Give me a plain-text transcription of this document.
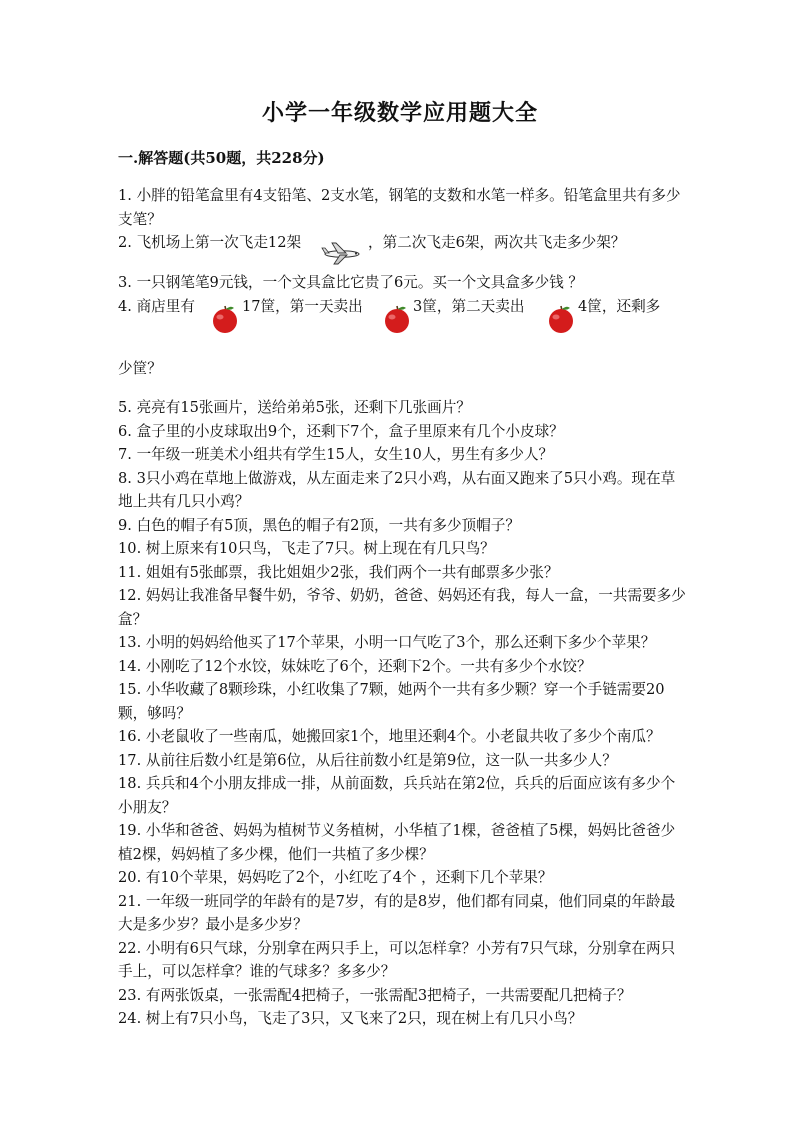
小学一年级数学应用题大全
一.解答题(共50题，共228分)

1. 小胖的铅笔盒里有4支铅笔、2支水笔，钢笔的支数和水笔一样多。铅笔盒里共有多少支笔？

2. 飞机场上第一次飞走12架	，第二次飞走6架，两次共飞走多少架？

3. 一只钢笔笔9元钱，一个文具盒比它贵了6元。买一个文具盒多少钱 ？

4. 商店里有	17筐，第一天卖出	3筐，第二天卖出	4筐，还剩多

少筐？

5. 亮亮有15张画片，送给弟弟5张，还剩下几张画片？

6. 盒子里的小皮球取出9个，还剩下7个，盒子里原来有几个小皮球？

7. 一年级一班美术小组共有学生15人，女生10人，男生有多少人？

8. 3只小鸡在草地上做游戏，从左面走来了2只小鸡，从右面又跑来了5只小鸡。现在草地上共有几只小鸡？

9. 白色的帽子有5顶，黑色的帽子有2顶，一共有多少顶帽子？

10. 树上原来有10只鸟，飞走了7只。树上现在有几只鸟？

11. 姐姐有5张邮票，我比姐姐少2张，我们两个一共有邮票多少张？

12. 妈妈让我准备早餐牛奶，爷爷、奶奶，爸爸、妈妈还有我，每人一盒，一共需要多少盒？

13. 小明的妈妈给他买了17个苹果，小明一口气吃了3个，那么还剩下多少个苹果？

14. 小刚吃了12个水饺，妹妹吃了6个，还剩下2个。一共有多少个水饺？

15. 小华收藏了8颗珍珠，小红收集了7颗，她两个一共有多少颗？穿一个手链需要20颗，够吗？

16. 小老鼠收了一些南瓜，她搬回家1个，地里还剩4个。小老鼠共收了多少个南瓜？

17. 从前往后数小红是第6位，从后往前数小红是第9位，这一队一共多少人？

18. 兵兵和4个小朋友排成一排，从前面数，兵兵站在第2位，兵兵的后面应该有多少个小朋友？

19. 小华和爸爸、妈妈为植树节义务植树，小华植了1棵，爸爸植了5棵，妈妈比爸爸少植2棵，妈妈植了多少棵，他们一共植了多少棵？

20. 有10个苹果，妈妈吃了2个，小红吃了4个 ，还剩下几个苹果？

21. 一年级一班同学的年龄有的是7岁，有的是8岁，他们都有同桌，他们同桌的年龄最大是多少岁？最小是多少岁？

22. 小明有6只气球，分别拿在两只手上，可以怎样拿？小芳有7只气球，分别拿在两只手上，可以怎样拿？谁的气球多？多多少？

23. 有两张饭桌，一张需配4把椅子，一张需配3把椅子，一共需要配几把椅子？

24. 树上有7只小鸟，飞走了3只，又飞来了2只，现在树上有几只小鸟？
